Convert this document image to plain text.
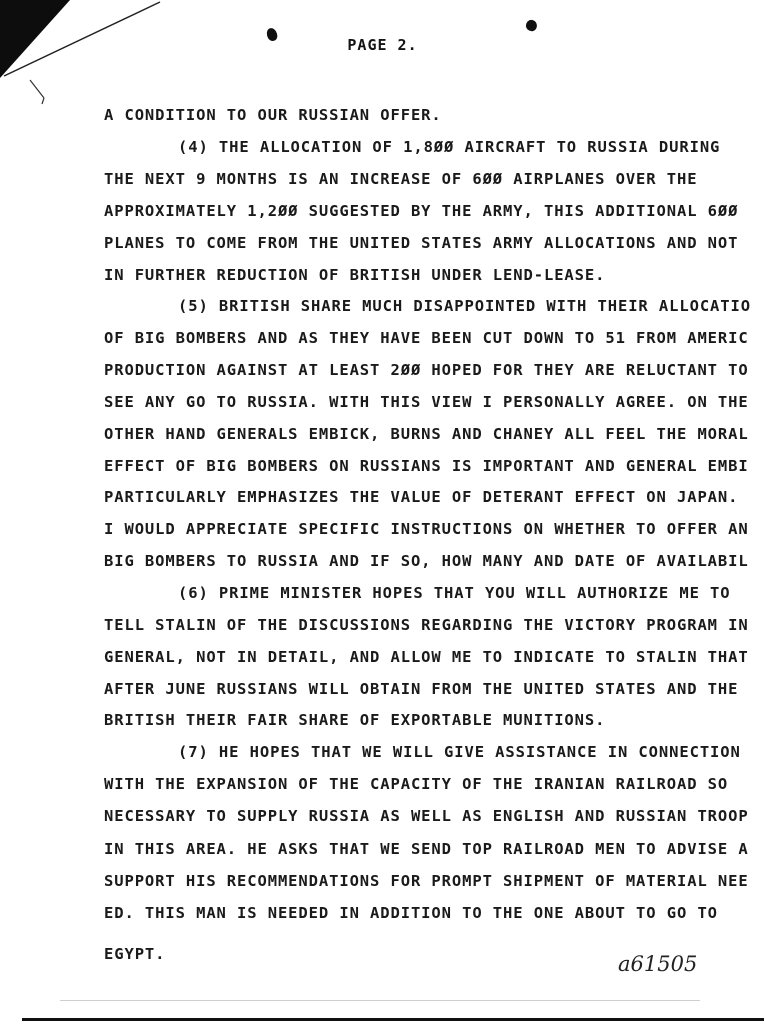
PAGE 2.
A CONDITION TO OUR RUSSIAN OFFER.
(4) THE ALLOCATION OF 1,8ØØ AIRCRAFT TO RUSSIA DURING
THE NEXT 9 MONTHS IS AN INCREASE OF 6ØØ AIRPLANES OVER THE
APPROXIMATELY 1,2ØØ SUGGESTED BY THE ARMY, THIS ADDITIONAL 6ØØ
PLANES TO COME FROM THE UNITED STATES ARMY ALLOCATIONS AND NOT
IN FURTHER REDUCTION OF BRITISH UNDER LEND-LEASE.
(5) BRITISH SHARE MUCH DISAPPOINTED WITH THEIR ALLOCATIO
OF BIG BOMBERS AND AS THEY HAVE BEEN CUT DOWN TO 51 FROM AMERIC
PRODUCTION AGAINST AT LEAST 2ØØ HOPED FOR THEY ARE RELUCTANT TO
SEE ANY GO TO RUSSIA. WITH THIS VIEW I PERSONALLY AGREE. ON THE
OTHER HAND GENERALS EMBICK, BURNS AND CHANEY ALL FEEL THE MORAL
EFFECT OF BIG BOMBERS ON RUSSIANS IS IMPORTANT AND GENERAL EMBI
PARTICULARLY EMPHASIZES THE VALUE OF DETERANT EFFECT ON JAPAN.
I WOULD APPRECIATE SPECIFIC INSTRUCTIONS ON WHETHER TO OFFER AN
BIG BOMBERS TO RUSSIA AND IF SO, HOW MANY AND DATE OF AVAILABIL
(6) PRIME MINISTER HOPES THAT YOU WILL AUTHORIZE ME TO
TELL STALIN OF THE DISCUSSIONS REGARDING THE VICTORY PROGRAM IN
GENERAL, NOT IN DETAIL, AND ALLOW ME TO INDICATE TO STALIN THAT
AFTER JUNE RUSSIANS WILL OBTAIN FROM THE UNITED STATES AND THE
BRITISH THEIR FAIR SHARE OF EXPORTABLE MUNITIONS.
(7) HE HOPES THAT WE WILL GIVE ASSISTANCE IN CONNECTION
WITH THE EXPANSION OF THE CAPACITY OF THE IRANIAN RAILROAD SO
NECESSARY TO SUPPLY RUSSIA AS WELL AS ENGLISH AND RUSSIAN TROOP
IN THIS AREA. HE ASKS THAT WE SEND TOP RAILROAD MEN TO ADVISE A
SUPPORT HIS RECOMMENDATIONS FOR PROMPT SHIPMENT OF MATERIAL NEE
ED. THIS MAN IS NEEDED IN ADDITION TO THE ONE ABOUT TO GO TO
EGYPT.	a61505
